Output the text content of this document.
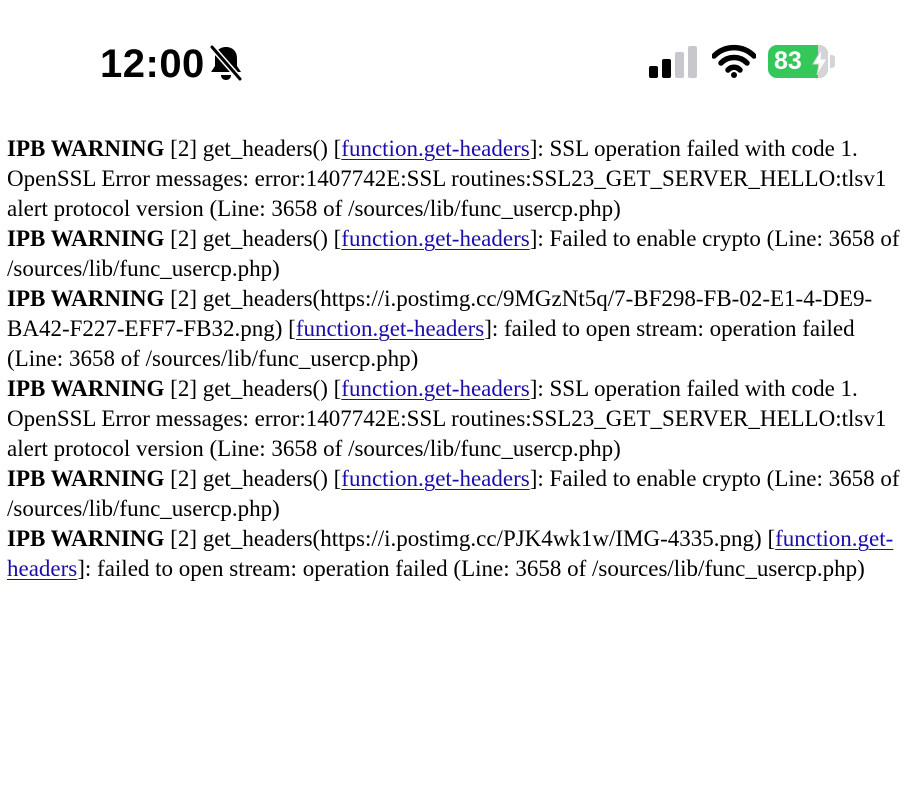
12:00	83
IPB WARNING [2] get_headers() [function.get-headers]: SSL operation failed with code 1. OpenSSL Error messages: error:1407742E:SSL routines:SSL23_GET_SERVER_HELLO:tlsv1 alert protocol version (Line: 3658 of /sources/lib/func_usercp.php)
IPB WARNING [2] get_headers() [function.get-headers]: Failed to enable crypto (Line: 3658 of /sources/lib/func_usercp.php)
IPB WARNING [2] get_headers(https://i.postimg.cc/9MGzNt5q/7-BF298-FB-02-E1-4-DE9-BA42-F227-EFF7-FB32.png) [function.get-headers]: failed to open stream: operation failed (Line: 3658 of /sources/lib/func_usercp.php)
IPB WARNING [2] get_headers() [function.get-headers]: SSL operation failed with code 1. OpenSSL Error messages: error:1407742E:SSL routines:SSL23_GET_SERVER_HELLO:tlsv1 alert protocol version (Line: 3658 of /sources/lib/func_usercp.php)
IPB WARNING [2] get_headers() [function.get-headers]: Failed to enable crypto (Line: 3658 of /sources/lib/func_usercp.php)
IPB WARNING [2] get_headers(https://i.postimg.cc/PJK4wk1w/IMG-4335.png) [function.get-headers]: failed to open stream: operation failed (Line: 3658 of /sources/lib/func_usercp.php)
